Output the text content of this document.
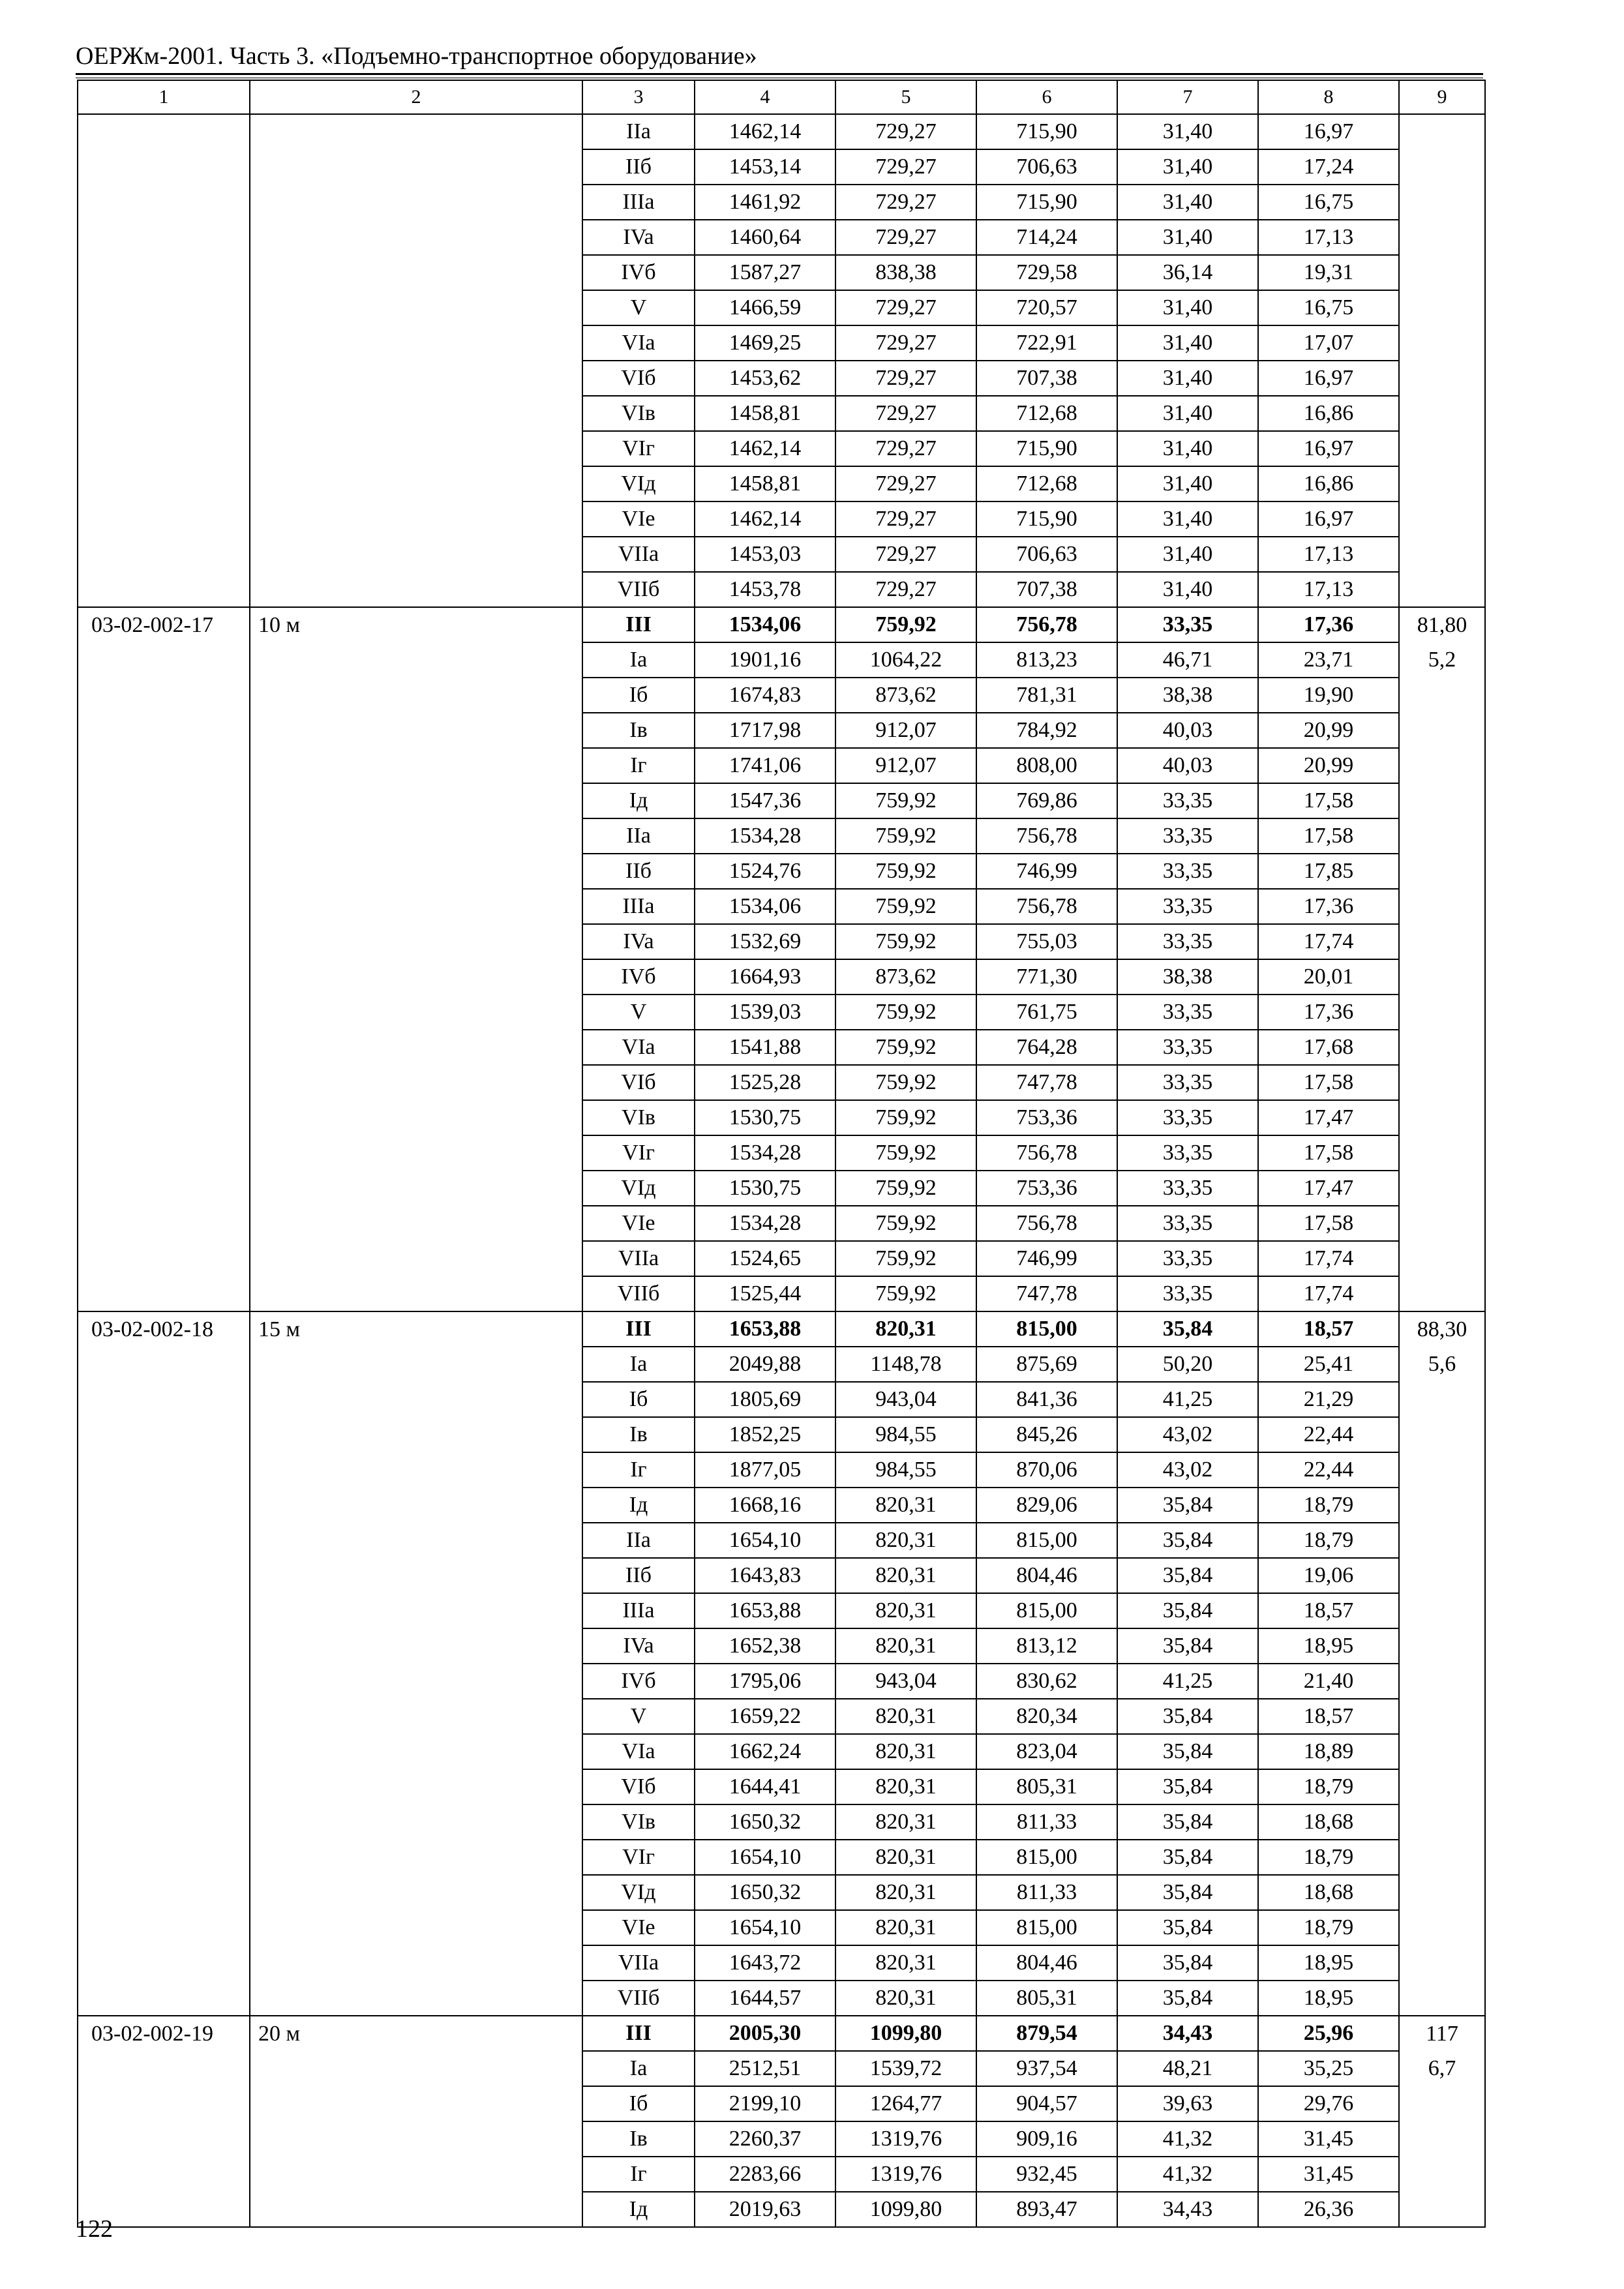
ОЕРЖм-2001. Часть 3. «Подъемно-транспортное оборудование»
1	2	3	4	5	6	7	8	9
		IIa	1462,14	729,27	715,90	31,40	16,97	
		IIб	1453,14	729,27	706,63	31,40	17,24	
		IIIa	1461,92	729,27	715,90	31,40	16,75	
		IVa	1460,64	729,27	714,24	31,40	17,13	
		IVб	1587,27	838,38	729,58	36,14	19,31	
		V	1466,59	729,27	720,57	31,40	16,75	
		VIa	1469,25	729,27	722,91	31,40	17,07	
		VIб	1453,62	729,27	707,38	31,40	16,97	
		VIв	1458,81	729,27	712,68	31,40	16,86	
		VIг	1462,14	729,27	715,90	31,40	16,97	
		VIд	1458,81	729,27	712,68	31,40	16,86	
		VIe	1462,14	729,27	715,90	31,40	16,97	
		VIIa	1453,03	729,27	706,63	31,40	17,13	
		VIIб	1453,78	729,27	707,38	31,40	17,13	
03-02-002-17	10 м	III	1534,06	759,92	756,78	33,35	17,36	81,80
		Ia	1901,16	1064,22	813,23	46,71	23,71	5,2
		Iб	1674,83	873,62	781,31	38,38	19,90	
		Iв	1717,98	912,07	784,92	40,03	20,99	
		Iг	1741,06	912,07	808,00	40,03	20,99	
		Iд	1547,36	759,92	769,86	33,35	17,58	
		IIa	1534,28	759,92	756,78	33,35	17,58	
		IIб	1524,76	759,92	746,99	33,35	17,85	
		IIIa	1534,06	759,92	756,78	33,35	17,36	
		IVa	1532,69	759,92	755,03	33,35	17,74	
		IVб	1664,93	873,62	771,30	38,38	20,01	
		V	1539,03	759,92	761,75	33,35	17,36	
		VIa	1541,88	759,92	764,28	33,35	17,68	
		VIб	1525,28	759,92	747,78	33,35	17,58	
		VIв	1530,75	759,92	753,36	33,35	17,47	
		VIг	1534,28	759,92	756,78	33,35	17,58	
		VIд	1530,75	759,92	753,36	33,35	17,47	
		VIe	1534,28	759,92	756,78	33,35	17,58	
		VIIa	1524,65	759,92	746,99	33,35	17,74	
		VIIб	1525,44	759,92	747,78	33,35	17,74	
03-02-002-18	15 м	III	1653,88	820,31	815,00	35,84	18,57	88,30
		Ia	2049,88	1148,78	875,69	50,20	25,41	5,6
		Iб	1805,69	943,04	841,36	41,25	21,29	
		Iв	1852,25	984,55	845,26	43,02	22,44	
		Iг	1877,05	984,55	870,06	43,02	22,44	
		Iд	1668,16	820,31	829,06	35,84	18,79	
		IIa	1654,10	820,31	815,00	35,84	18,79	
		IIб	1643,83	820,31	804,46	35,84	19,06	
		IIIa	1653,88	820,31	815,00	35,84	18,57	
		IVa	1652,38	820,31	813,12	35,84	18,95	
		IVб	1795,06	943,04	830,62	41,25	21,40	
		V	1659,22	820,31	820,34	35,84	18,57	
		VIa	1662,24	820,31	823,04	35,84	18,89	
		VIб	1644,41	820,31	805,31	35,84	18,79	
		VIв	1650,32	820,31	811,33	35,84	18,68	
		VIг	1654,10	820,31	815,00	35,84	18,79	
		VIд	1650,32	820,31	811,33	35,84	18,68	
		VIe	1654,10	820,31	815,00	35,84	18,79	
		VIIa	1643,72	820,31	804,46	35,84	18,95	
		VIIб	1644,57	820,31	805,31	35,84	18,95	
03-02-002-19	20 м	III	2005,30	1099,80	879,54	34,43	25,96	117
		Ia	2512,51	1539,72	937,54	48,21	35,25	6,7
		Iб	2199,10	1264,77	904,57	39,63	29,76	
		Iв	2260,37	1319,76	909,16	41,32	31,45	
		Iг	2283,66	1319,76	932,45	41,32	31,45	
		Iд	2019,63	1099,80	893,47	34,43	26,36	
122
